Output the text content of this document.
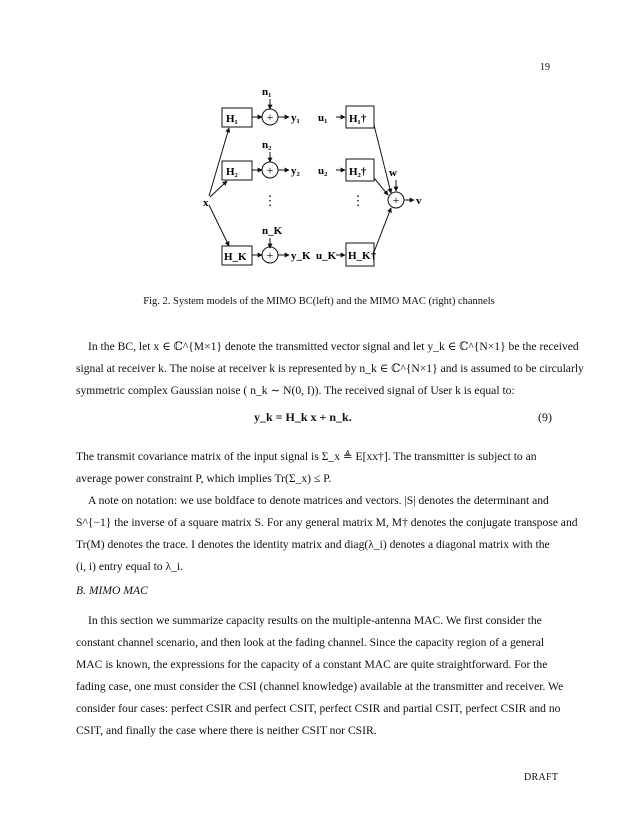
19
n₁
H₁ + y₁ u₁ H₁†
n₂
H₂ + y₂ u₂ H₂†
⋮	⋮
n_K
H_K + y_K u_K H_K†
x
w
+ v
Fig. 2. System models of the MIMO BC(left) and the MIMO MAC (right) channels
In the BC, let x ∈ ℂ^{M×1} denote the transmitted vector signal and let y_k ∈ ℂ^{N×1} be the received
signal at receiver k. The noise at receiver k is represented by n_k ∈ ℂ^{N×1} and is assumed to be circularly
symmetric complex Gaussian noise ( n_k ∼ N(0, I)). The received signal of User k is equal to:
y_k = H_k x + n_k.	(9)
The transmit covariance matrix of the input signal is Σ_x ≜ E[xx†]. The transmitter is subject to an
average power constraint P, which implies Tr(Σ_x) ≤ P.
A note on notation: we use boldface to denote matrices and vectors. |S| denotes the determinant and
S^{−1} the inverse of a square matrix S. For any general matrix M, M† denotes the conjugate transpose and
Tr(M) denotes the trace. I denotes the identity matrix and diag(λ_i) denotes a diagonal matrix with the
(i, i) entry equal to λ_i.
B. MIMO MAC
In this section we summarize capacity results on the multiple-antenna MAC. We first consider the
constant channel scenario, and then look at the fading channel. Since the capacity region of a general
MAC is known, the expressions for the capacity of a constant MAC are quite straightforward. For the
fading case, one must consider the CSI (channel knowledge) available at the transmitter and receiver. We
consider four cases: perfect CSIR and perfect CSIT, perfect CSIR and partial CSIT, perfect CSIR and no
CSIT, and finally the case where there is neither CSIT nor CSIR.
DRAFT
